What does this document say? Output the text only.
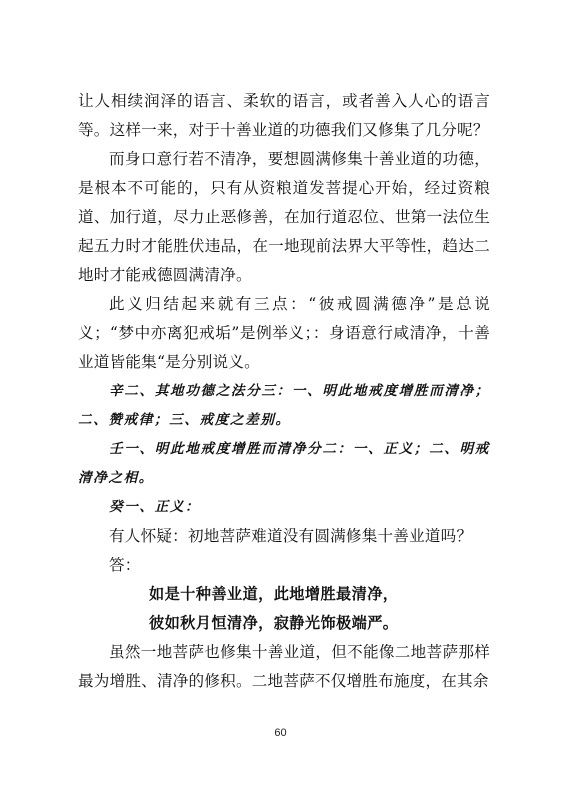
让人相续润泽的语言、柔软的语言，或者善入人心的语言等。这样一来，对于十善业道的功德我们又修集了几分呢？

而身口意行若不清净，要想圆满修集十善业道的功德，是根本不可能的，只有从资粮道发菩提心开始，经过资粮道、加行道，尽力止恶修善，在加行道忍位、世第一法位生起五力时才能胜伏违品，在一地现前法界大平等性，趋达二地时才能戒德圆满清净。

此义归结起来就有三点：“彼戒圆满德净”是总说义；“梦中亦离犯戒垢”是例举义；：身语意行咸清净，十善业道皆能集“是分别说义。

辛二、其地功德之法分三：一、明此地戒度增胜而清净；二、赞戒律；三、戒度之差别。

壬一、明此地戒度增胜而清净分二：一、正义；二、明戒清净之相。

癸一、正义：

有人怀疑：初地菩萨难道没有圆满修集十善业道吗？

答：

如是十种善业道，此地增胜最清净，

彼如秋月恒清净，寂静光饰极端严。

虽然一地菩萨也修集十善业道，但不能像二地菩萨那样最为增胜、清净的修积。二地菩萨不仅增胜布施度，在其余

60
